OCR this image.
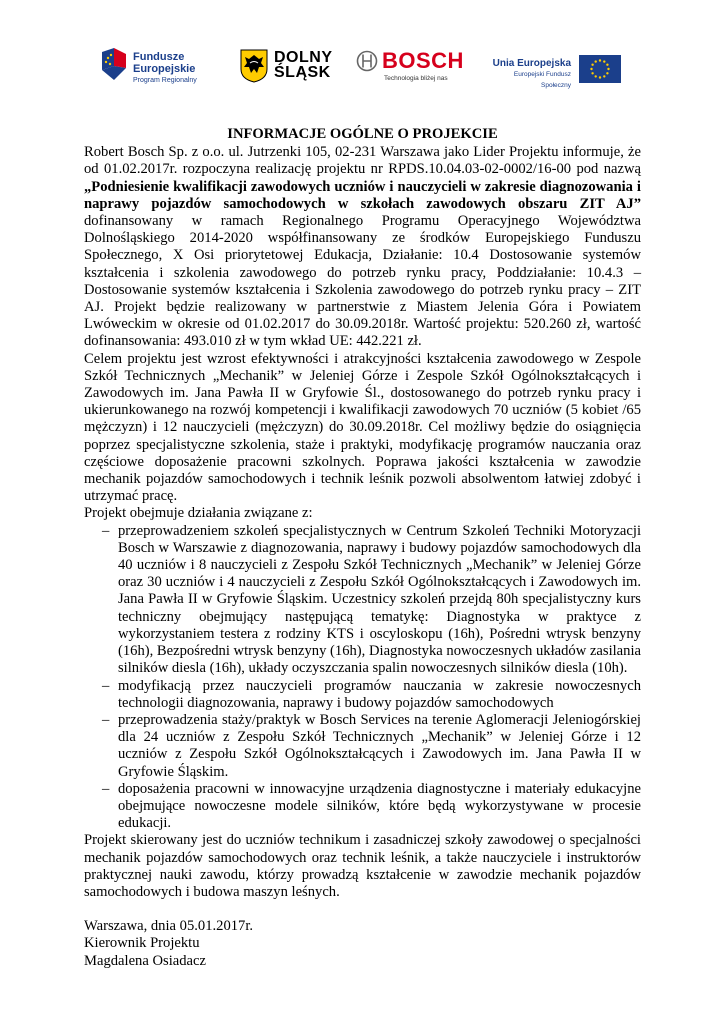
Fundusze
Europejskie
Program Regionalny
DOLNY
ŚLĄSK BOSCH
Technologia bliżej nas
Unia Europejska
Europejski Fundusz Społeczny
INFORMACJE OGÓLNE O PROJEKCIE

Robert Bosch Sp. z o.o. ul. Jutrzenki 105, 02-231 Warszawa jako Lider Projektu informuje, że od 01.02.2017r. rozpoczyna realizację projektu nr RPDS.10.04.03-02-0002/16-00 pod nazwą „Podniesienie kwalifikacji zawodowych uczniów i nauczycieli w zakresie diagnozowania i naprawy pojazdów samochodowych w szkołach zawodowych obszaru ZIT AJ” dofinansowany w ramach Regionalnego Programu Operacyjnego Województwa Dolnośląskiego 2014-2020 współfinansowany ze środków Europejskiego Funduszu Społecznego, X Osi priorytetowej Edukacja, Działanie: 10.4 Dostosowanie systemów kształcenia i szkolenia zawodowego do potrzeb rynku pracy, Poddziałanie: 10.4.3 – Dostosowanie systemów kształcenia i Szkolenia zawodowego do potrzeb rynku pracy – ZIT AJ. Projekt będzie realizowany w partnerstwie z Miastem Jelenia Góra i Powiatem Lwóweckim w okresie od 01.02.2017 do 30.09.2018r. Wartość projektu: 520.260 zł, wartość dofinansowania: 493.010 zł w tym wkład UE: 442.221 zł.

Celem projektu jest wzrost efektywności i atrakcyjności kształcenia zawodowego w Zespole Szkół Technicznych „Mechanik” w Jeleniej Górze i Zespole Szkół Ogólnokształcących i Zawodowych im. Jana Pawła II w Gryfowie Śl., dostosowanego do potrzeb rynku pracy i ukierunkowanego na rozwój kompetencji i kwalifikacji zawodowych 70 uczniów (5 kobiet /65 mężczyzn) i 12 nauczycieli (mężczyzn) do 30.09.2018r. Cel możliwy będzie do osiągnięcia poprzez specjalistyczne szkolenia, staże i praktyki, modyfikację programów nauczania oraz częściowe doposażenie pracowni szkolnych. Poprawa jakości kształcenia w zawodzie mechanik pojazdów samochodowych i technik leśnik pozwoli absolwentom łatwiej zdobyć i utrzymać pracę.

Projekt obejmuje działania związane z:

– przeprowadzeniem szkoleń specjalistycznych w Centrum Szkoleń Techniki Motoryzacji Bosch w Warszawie z diagnozowania, naprawy i budowy pojazdów samochodowych dla 40 uczniów i 8 nauczycieli z Zespołu Szkół Technicznych „Mechanik” w Jeleniej Górze oraz 30 uczniów i 4 nauczycieli z Zespołu Szkół Ogólnokształcących i Zawodowych im. Jana Pawła II w Gryfowie Śląskim. Uczestnicy szkoleń przejdą 80h specjalistyczny kurs techniczny obejmujący następującą tematykę: Diagnostyka w praktyce z wykorzystaniem testera z rodziny KTS i oscyloskopu (16h), Pośredni wtrysk benzyny (16h), Bezpośredni wtrysk benzyny (16h), Diagnostyka nowoczesnych układów zasilania silników diesla (16h), układy oczyszczania spalin nowoczesnych silników diesla (10h).
– modyfikacją przez nauczycieli programów nauczania w zakresie nowoczesnych technologii diagnozowania, naprawy i budowy pojazdów samochodowych
– przeprowadzenia staży/praktyk w Bosch Services na terenie Aglomeracji Jeleniogórskiej dla 24 uczniów z Zespołu Szkół Technicznych „Mechanik” w Jeleniej Górze i 12 uczniów z Zespołu Szkół Ogólnokształcących i Zawodowych im. Jana Pawła II w Gryfowie Śląskim.
– doposażenia pracowni w innowacyjne urządzenia diagnostyczne i materiały edukacyjne obejmujące nowoczesne modele silników, które będą wykorzystywane w procesie edukacji.

Projekt skierowany jest do uczniów technikum i zasadniczej szkoły zawodowej o specjalności mechanik pojazdów samochodowych oraz technik leśnik, a także nauczyciele i instruktorów praktycznej nauki zawodu, którzy prowadzą kształcenie w zawodzie mechanik pojazdów samochodowych i budowa maszyn leśnych.

Warszawa, dnia 05.01.2017r.
Kierownik Projektu
Magdalena Osiadacz
